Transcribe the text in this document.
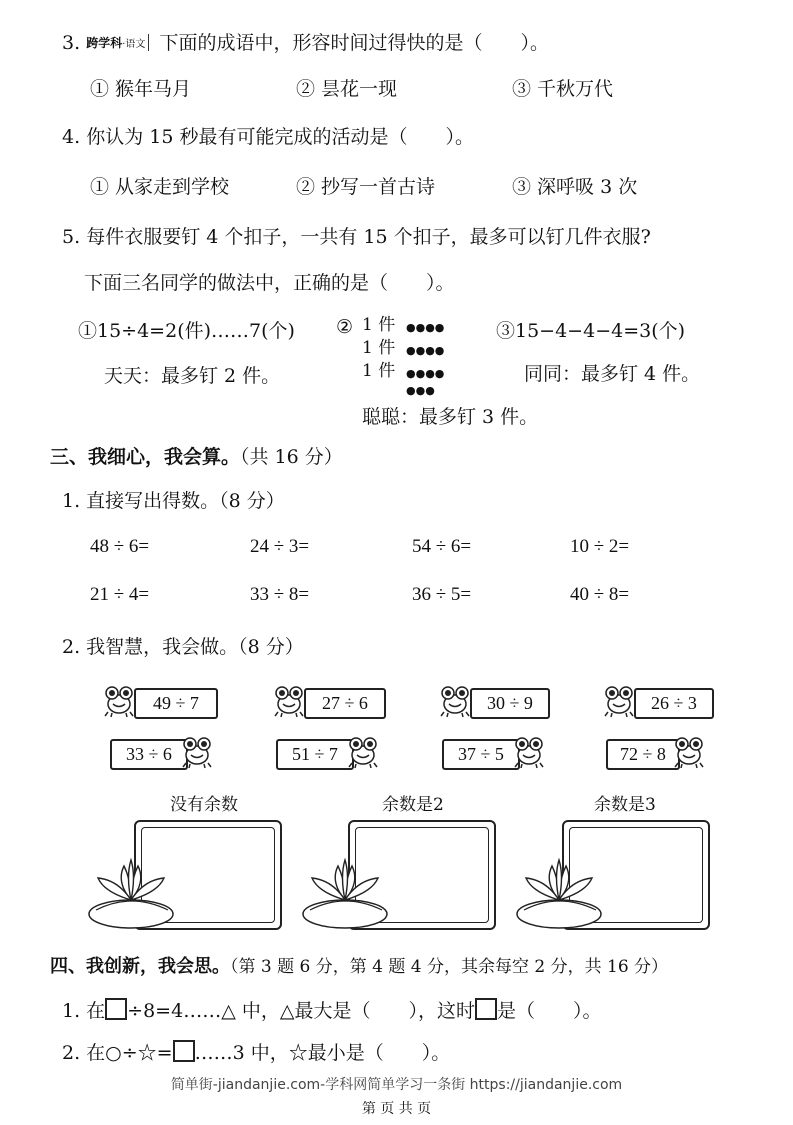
3. 跨学科·语文 下面的成语中，形容时间过得快的是（　　）。
① 猴年马月	② 昙花一现	③ 千秋万代
4. 你认为 15 秒最有可能完成的活动是（　　）。
① 从家走到学校	② 抄写一首古诗	③ 深呼吸 3 次
5. 每件衣服要钉 4 个扣子，一共有 15 个扣子，最多可以钉几件衣服?
下面三名同学的做法中，正确的是（　　）。
①15÷4=2(件)……7(个) ② 1 件
1 件
1 件
●●●●
●●●●
●●●●
●●●
③15−4−4−4=3(个)
天天：最多钉 2 件。
聪聪：最多钉 3 件。
同同：最多钉 4 件。
三、我细心，我会算。（共 16 分）
1. 直接写出得数。（8 分）
48 ÷ 6=	24 ÷ 3=	54 ÷ 6=	10 ÷ 2=
21 ÷ 4=	33 ÷ 8=	36 ÷ 5=	40 ÷ 8=
2. 我智慧，我会做。（8 分）
49 ÷ 7	27 ÷ 6	30 ÷ 9	26 ÷ 3
33 ÷ 6	51 ÷ 7	37 ÷ 5	72 ÷ 8
没有余数	余数是2	余数是3
四、我创新，我会思。（第 3 题 6 分，第 4 题 4 分，其余每空 2 分，共 16 分）
1. 在 ÷8=4……△ 中，△最大是（　　），这时 是（　　）。
2. 在○÷☆= ……3 中，☆最小是（　　）。
简单街-jiandanjie.com-学科网简单学习一条街 https://jiandanjie.com
第 页 共 页
